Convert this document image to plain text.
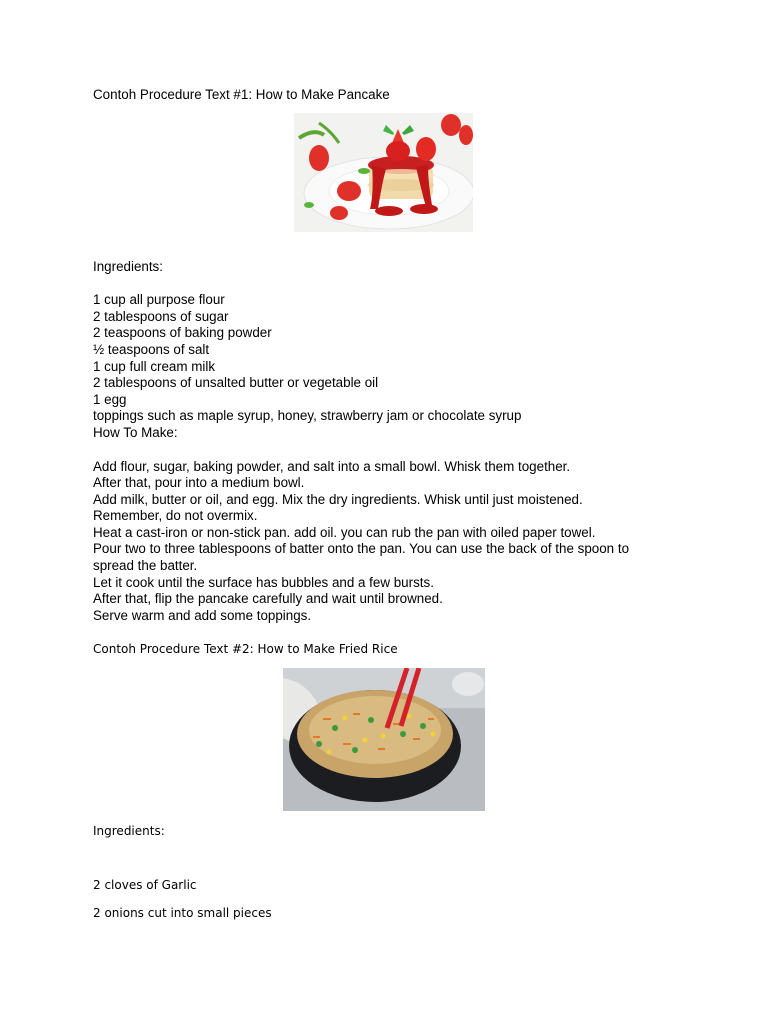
Contoh Procedure Text #1: How to Make Pancake
Ingredients:
1 cup all purpose flour
2 tablespoons of sugar
2 teaspoons of baking powder
½ teaspoons of salt
1 cup full cream milk
2 tablespoons of unsalted butter or vegetable oil
1 egg
toppings such as maple syrup, honey, strawberry jam or chocolate syrup
How To Make:
Add flour, sugar, baking powder, and salt into a small bowl. Whisk them together.
After that, pour into a medium bowl.
Add milk, butter or oil, and egg. Mix the dry ingredients. Whisk until just moistened.
Remember, do not overmix.
Heat a cast-iron or non-stick pan. add oil. you can rub the pan with oiled paper towel.
Pour two to three tablespoons of batter onto the pan. You can use the back of the spoon to
spread the batter.
Let it cook until the surface has bubbles and a few bursts.
After that, flip the pancake carefully and wait until browned.
Serve warm and add some toppings.
Contoh Procedure Text #2: How to Make Fried Rice
Ingredients:
2 cloves of Garlic
2 onions cut into small pieces
